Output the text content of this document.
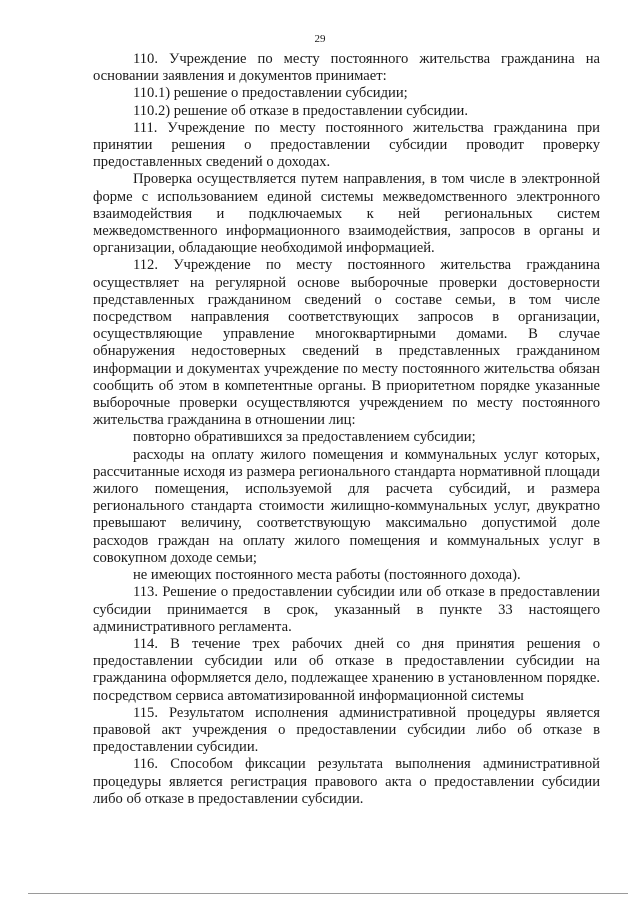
29

110. Учреждение по месту постоянного жительства гражданина на основании заявления и документов принимает:

110.1) решение о предоставлении субсидии;

110.2) решение об отказе в предоставлении субсидии.

111. Учреждение по месту постоянного жительства гражданина при принятии решения о предоставлении субсидии проводит проверку предоставленных сведений о доходах.

Проверка осуществляется путем направления, в том числе в электронной форме с использованием единой системы межведомственного электронного взаимодействия и подключаемых к ней региональных систем межведомственного информационного взаимодействия, запросов в органы и организации, обладающие необходимой информацией.

112. Учреждение по месту постоянного жительства гражданина осуществляет на регулярной основе выборочные проверки достоверности представленных гражданином сведений о составе семьи, в том числе посредством направления соответствующих запросов в организации, осуществляющие управление многоквартирными домами. В случае обнаружения недостоверных сведений в представленных гражданином информации и документах учреждение по месту постоянного жительства обязан сообщить об этом в компетентные органы. В приоритетном порядке указанные выборочные проверки осуществляются учреждением по месту постоянного жительства гражданина в отношении лиц:

повторно обратившихся за предоставлением субсидии;

расходы на оплату жилого помещения и коммунальных услуг которых, рассчитанные исходя из размера регионального стандарта нормативной площади жилого помещения, используемой для расчета субсидий, и размера регионального стандарта стоимости жилищно-коммунальных услуг, двукратно превышают величину, соответствующую максимально допустимой доле расходов граждан на оплату жилого помещения и коммунальных услуг в совокупном доходе семьи;

не имеющих постоянного места работы (постоянного дохода).

113. Решение о предоставлении субсидии или об отказе в предоставлении субсидии принимается в срок, указанный в пункте 33 настоящего административного регламента.

114. В течение трех рабочих дней со дня принятия решения о предоставлении субсидии или об отказе в предоставлении субсидии на гражданина оформляется дело, подлежащее хранению в установленном порядке. посредством сервиса автоматизированной информационной системы

115. Результатом исполнения административной процедуры является правовой акт учреждения о предоставлении субсидии либо об отказе в предоставлении субсидии.

116. Способом фиксации результата выполнения административной процедуры является регистрация правового акта о предоставлении субсидии либо об отказе в предоставлении субсидии.
